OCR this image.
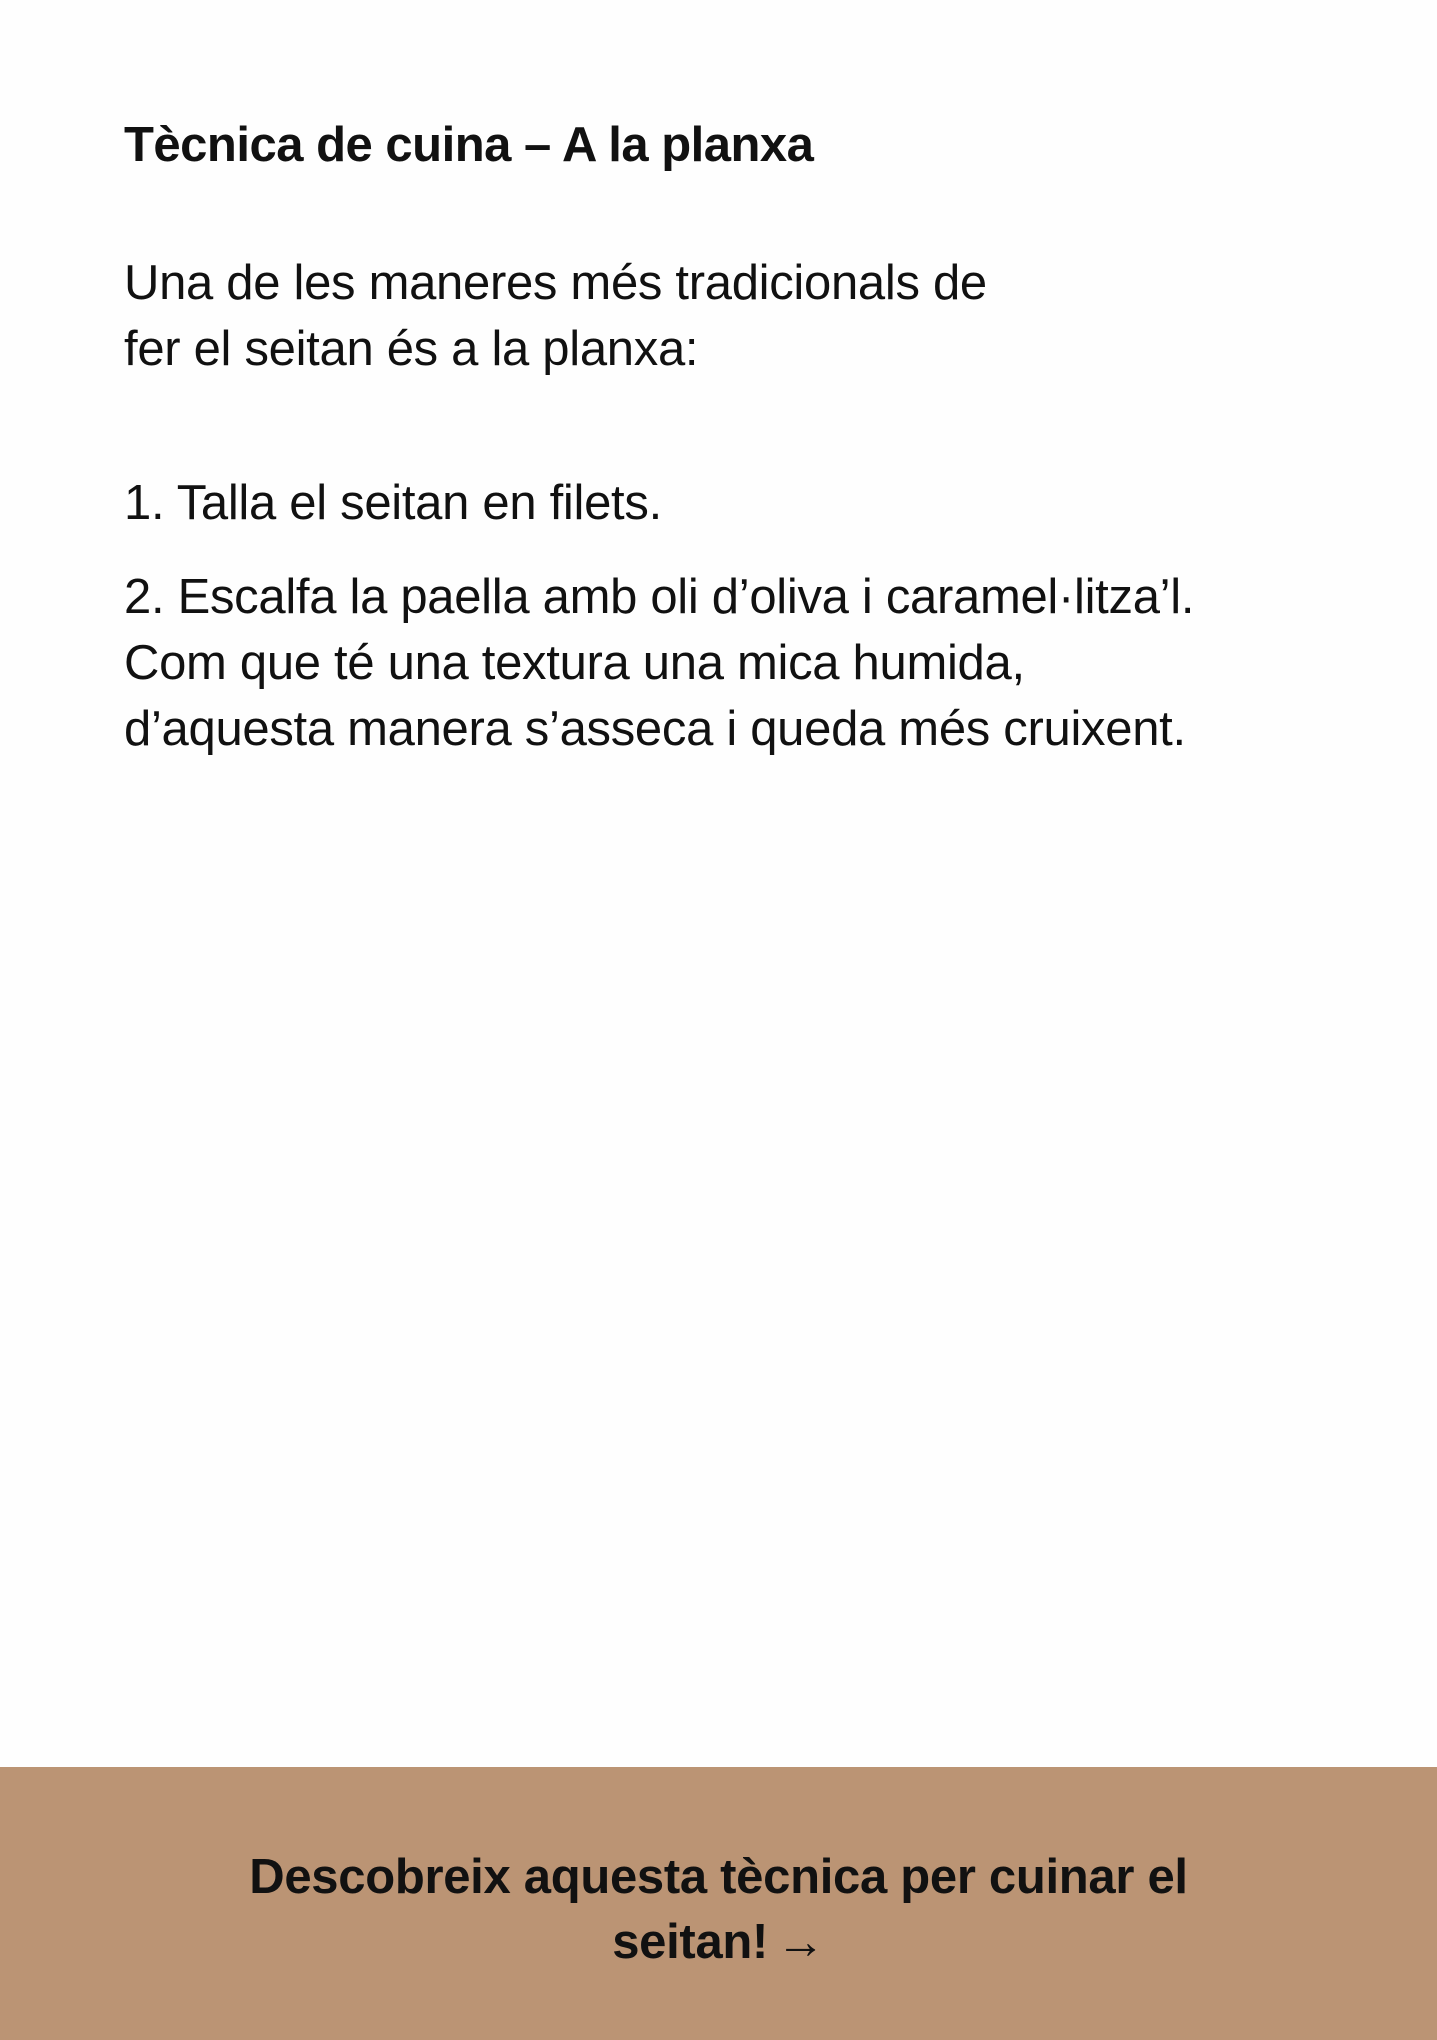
Tècnica de cuina – A la planxa

Una de les maneres més tradicionals de fer el seitan és a la planxa:

1. Talla el seitan en filets.
2. Escalfa la paella amb oli d’oliva i caramel·litza’l. Com que té una textura una mica humida, d’aquesta manera s’asseca i queda més cruixent.

Descobreix aquesta tècnica per cuinar el seitan! →
